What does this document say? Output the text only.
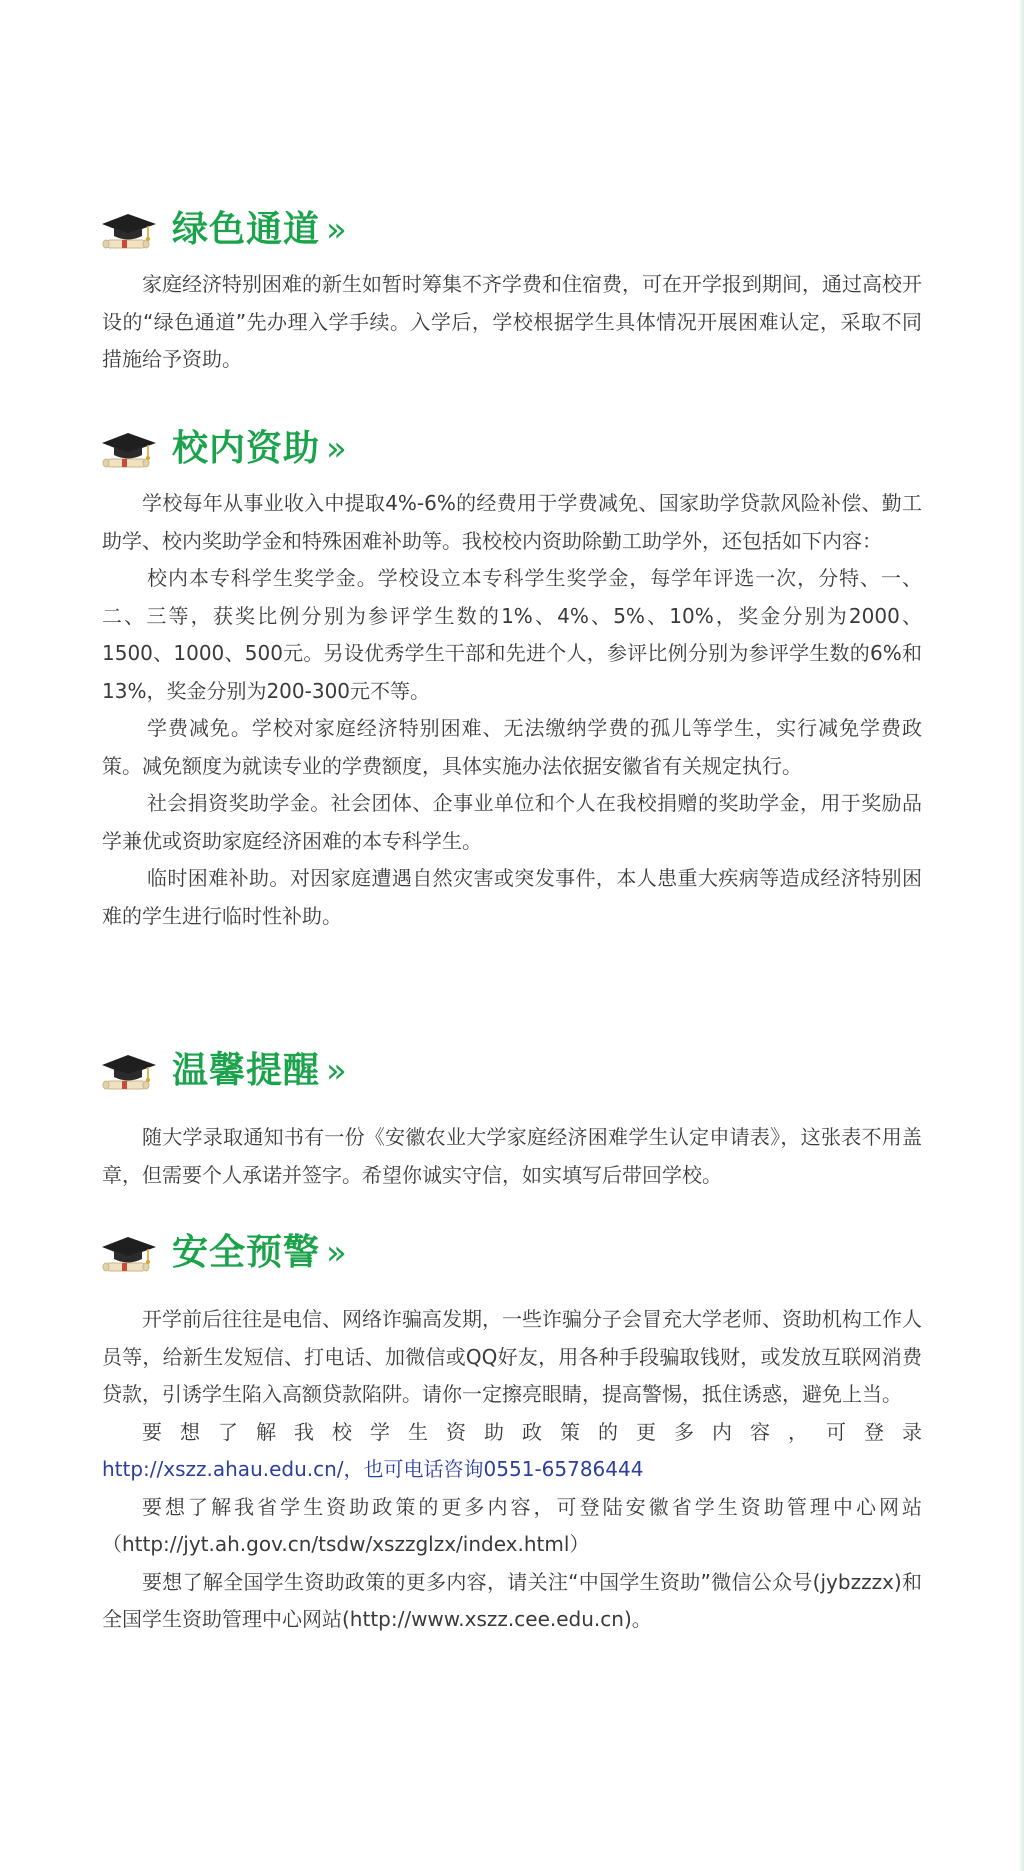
绿色通道 »

家庭经济特别困难的新生如暂时筹集不齐学费和住宿费，可在开学报到期间，通过高校开设的“绿色通道”先办理入学手续。入学后，学校根据学生具体情况开展困难认定，采取不同措施给予资助。

校内资助 »

学校每年从事业收入中提取4%-6%的经费用于学费减免、国家助学贷款风险补偿、勤工助学、校内奖助学金和特殊困难补助等。我校校内资助除勤工助学外，还包括如下内容：

校内本专科学生奖学金。学校设立本专科学生奖学金，每学年评选一次，分特、一、二、三等，获奖比例分别为参评学生数的1%、4%、5%、10%，奖金分别为2000、1500、1000、500元。另设优秀学生干部和先进个人，参评比例分别为参评学生数的6%和13%，奖金分别为200-300元不等。

学费减免。学校对家庭经济特别困难、无法缴纳学费的孤儿等学生，实行减免学费政策。减免额度为就读专业的学费额度，具体实施办法依据安徽省有关规定执行。

社会捐资奖助学金。社会团体、企事业单位和个人在我校捐赠的奖助学金，用于奖励品学兼优或资助家庭经济困难的本专科学生。

临时困难补助。对因家庭遭遇自然灾害或突发事件，本人患重大疾病等造成经济特别困难的学生进行临时性补助。

温馨提醒 »

随大学录取通知书有一份《安徽农业大学家庭经济困难学生认定申请表》，这张表不用盖章，但需要个人承诺并签字。希望你诚实守信，如实填写后带回学校。

安全预警 »

开学前后往往是电信、网络诈骗高发期，一些诈骗分子会冒充大学老师、资助机构工作人员等，给新生发短信、打电话、加微信或QQ好友，用各种手段骗取钱财，或发放互联网消费贷款，引诱学生陷入高额贷款陷阱。请你一定擦亮眼睛，提高警惕，抵住诱惑，避免上当。

要想了解我校学生资助政策的更多内容，可登录

http://xszz.ahau.edu.cn/，也可电话咨询0551-65786444

要想了解我省学生资助政策的更多内容，可登陆安徽省学生资助管理中心网站（http://jyt.ah.gov.cn/tsdw/xszzglzx/index.html）

要想了解全国学生资助政策的更多内容，请关注“中国学生资助”微信公众号(jybzzzx)和全国学生资助管理中心网站(http://www.xszz.cee.edu.cn)。
